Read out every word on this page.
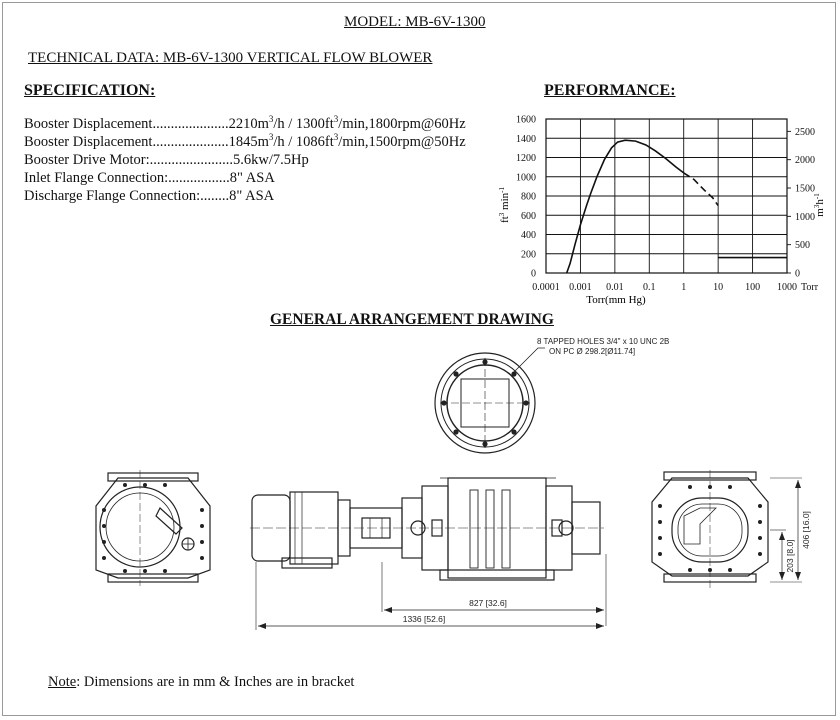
MODEL: MB-6V-1300
TECHNICAL DATA: MB-6V-1300 VERTICAL FLOW BLOWER
SPECIFICATION:	PERFORMANCE:
Booster $Displacement.....................2210m^3/h$ / $1300ft^3/\min,1800rpm@60Hz$
Booster $Displacement.....................1845m^3/h$ / $1086ft^3/\min,1500rpm@50Hz$
Booster Drive Motor:.......................5.6kw/7.5Hp
Inlet Flange Connection:.................8" ASA
Discharge Flange Connection:........8" ASA
0.0001 0.001 0.01 0.1	1	10 100 1000 Torr
0
200
400
600
800
1000
1200
1400
1600
0
500
1000
1500
2000
2500
$ft^3$ $\min^{-1}$
$m^3h^{-1}$
Torr(mm Hg)
GENERAL ARRANGEMENT DRAWING
8 TAPPED HOLES 3/4" x 10 UNC 2B
ON PC Ø 298.2[Ø11.74]
827 [32.6]
1336 [52.6]
406 [16.0]
203 [8.0]
Note: Dimensions are in mm & Inches are in bracket
